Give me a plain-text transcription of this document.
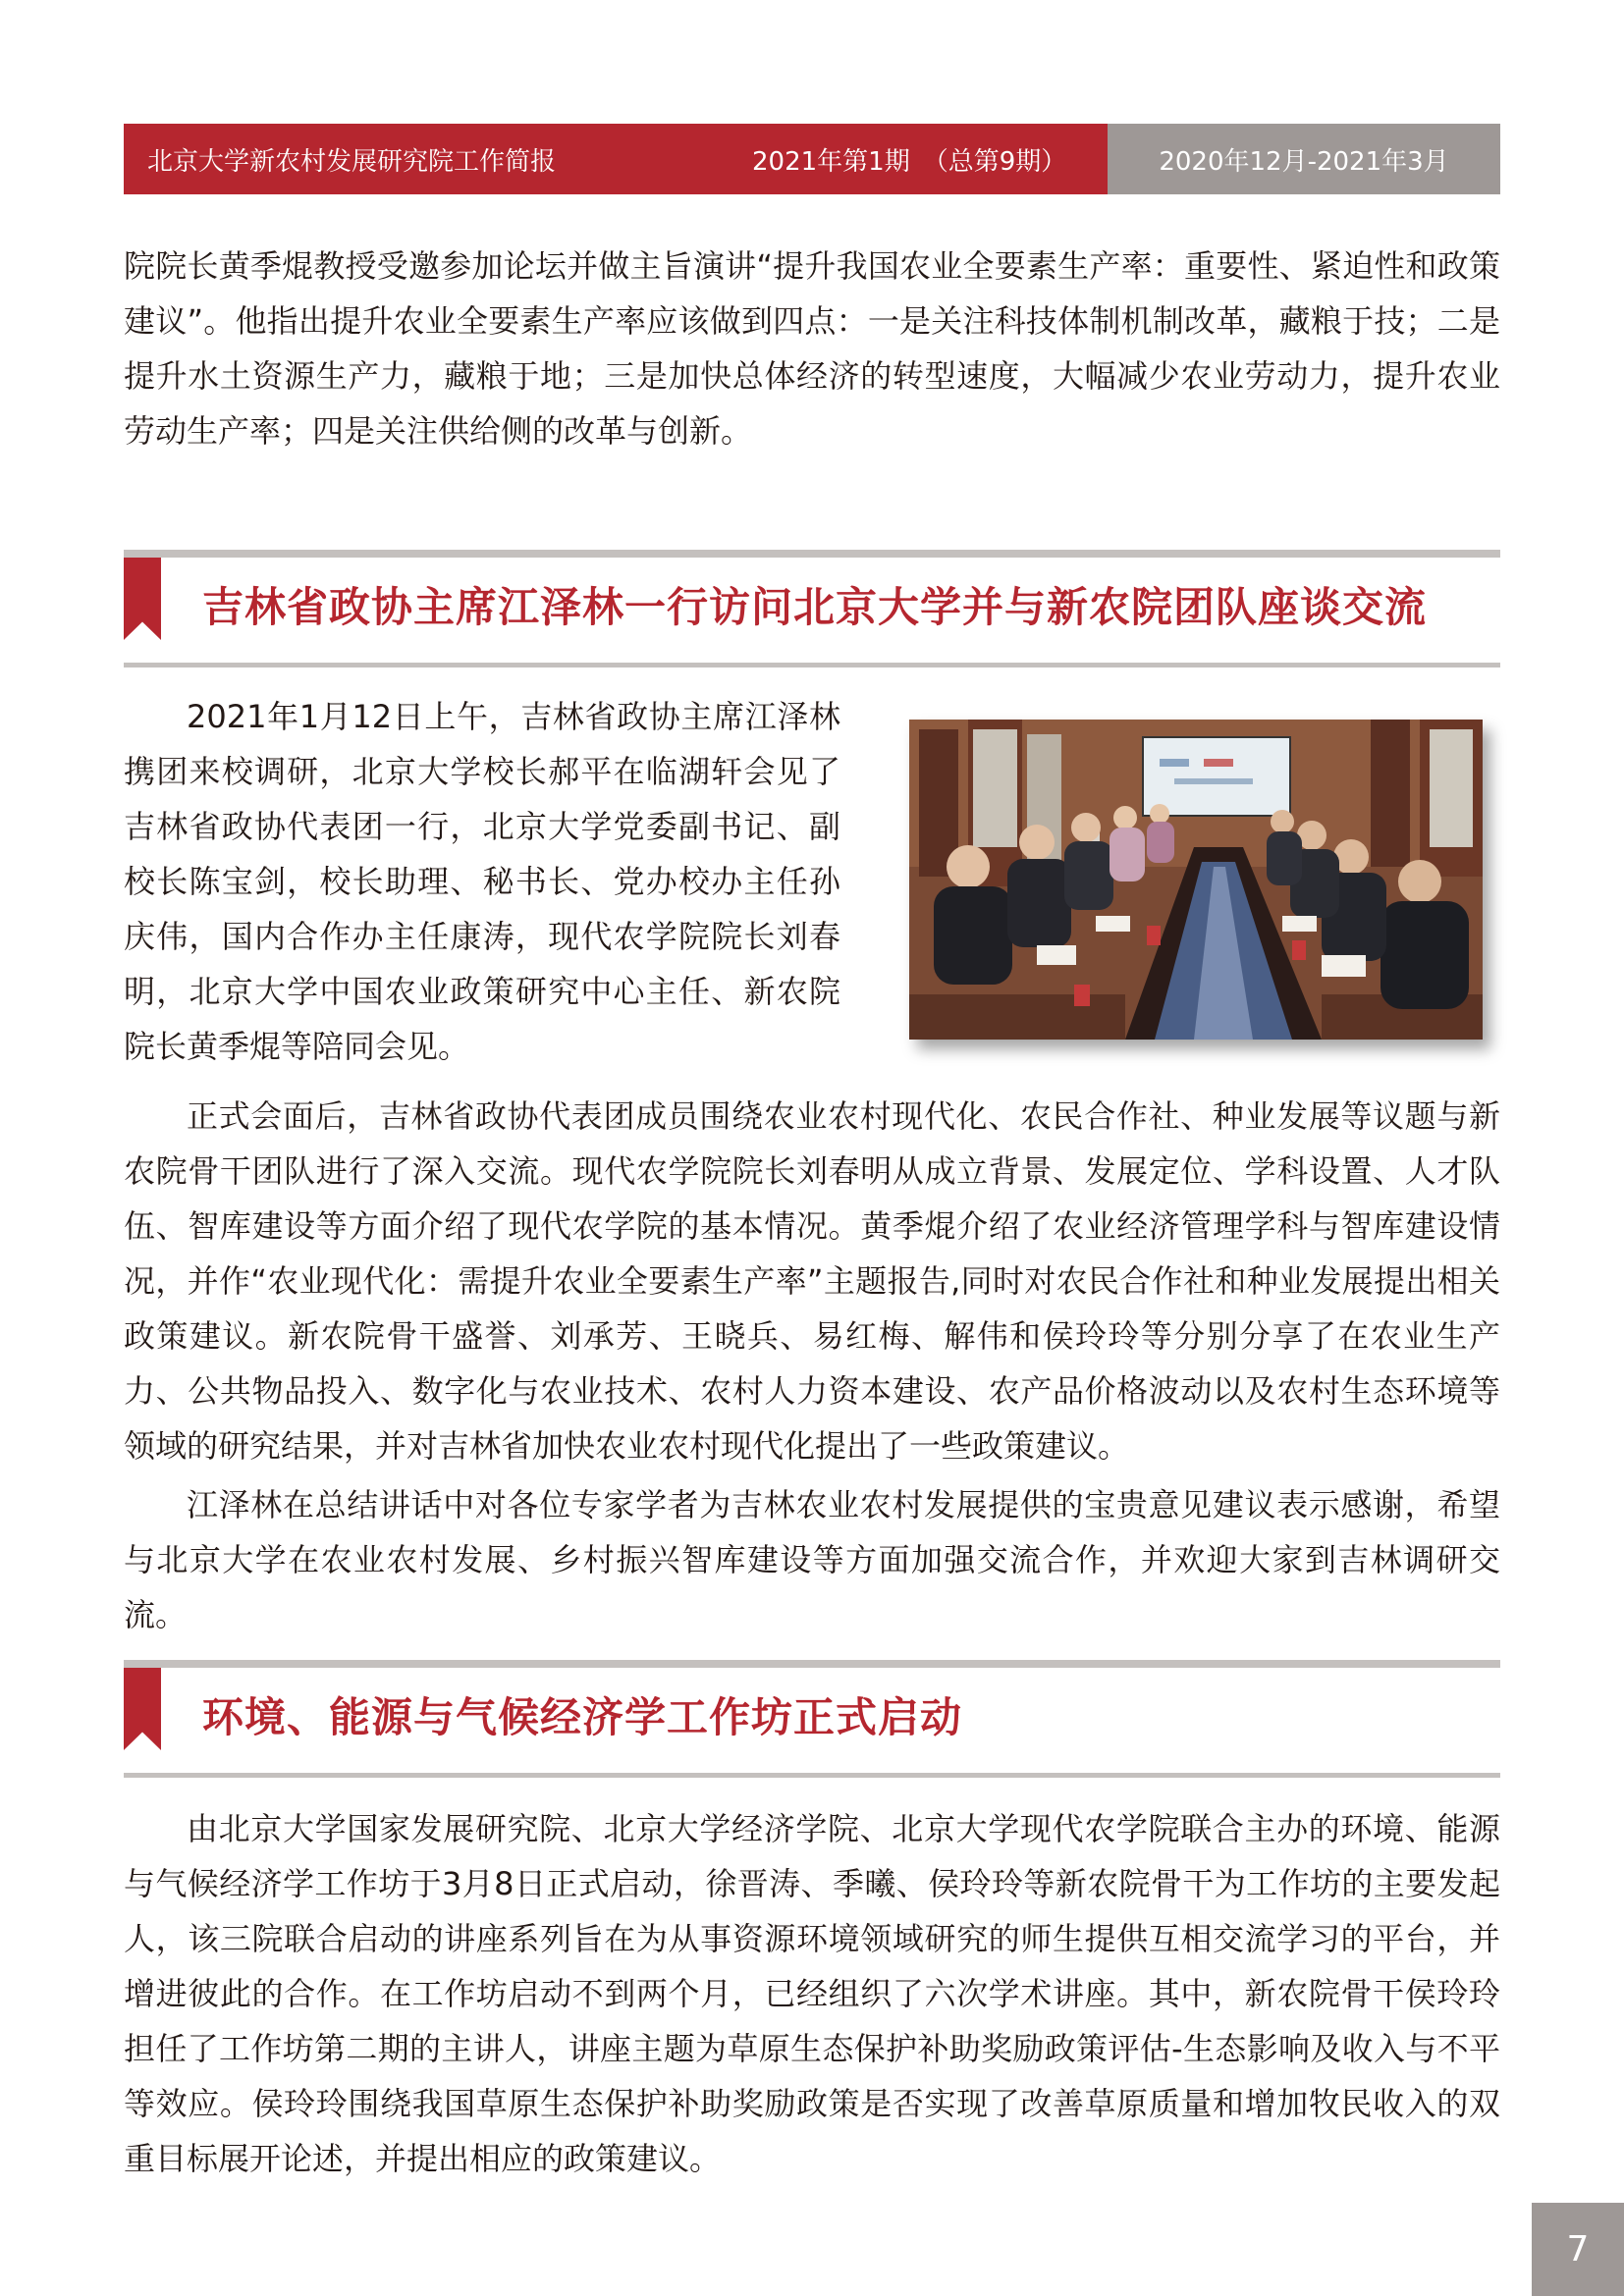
北京大学新农村发展研究院工作简报	2021年第1期　（总第9期）	2020年12月-2021年3月

院院长黄季焜教授受邀参加论坛并做主旨演讲“提升我国农业全要素生产率：重要性、紧迫性和政策建议”。他指出提升农业全要素生产率应该做到四点：一是关注科技体制机制改革，藏粮于技；二是提升水土资源生产力，藏粮于地；三是加快总体经济的转型速度，大幅减少农业劳动力，提升农业劳动生产率；四是关注供给侧的改革与创新。

吉林省政协主席江泽林一行访问北京大学并与新农院团队座谈交流

2021年1月12日上午，吉林省政协主席江泽林携团来校调研，北京大学校长郝平在临湖轩会见了吉林省政协代表团一行，北京大学党委副书记、副校长陈宝剑，校长助理、秘书长、党办校办主任孙庆伟，国内合作办主任康涛，现代农学院院长刘春明，北京大学中国农业政策研究中心主任、新农院院长黄季焜等陪同会见。

正式会面后，吉林省政协代表团成员围绕农业农村现代化、农民合作社、种业发展等议题与新农院骨干团队进行了深入交流。现代农学院院长刘春明从成立背景、发展定位、学科设置、人才队伍、智库建设等方面介绍了现代农学院的基本情况。黄季焜介绍了农业经济管理学科与智库建设情况，并作“农业现代化：需提升农业全要素生产率”主题报告,同时对农民合作社和种业发展提出相关政策建议。新农院骨干盛誉、刘承芳、王晓兵、易红梅、解伟和侯玲玲等分别分享了在农业生产力、公共物品投入、数字化与农业技术、农村人力资本建设、农产品价格波动以及农村生态环境等领域的研究结果，并对吉林省加快农业农村现代化提出了一些政策建议。

江泽林在总结讲话中对各位专家学者为吉林农业农村发展提供的宝贵意见建议表示感谢，希望与北京大学在农业农村发展、乡村振兴智库建设等方面加强交流合作，并欢迎大家到吉林调研交流。

环境、能源与气候经济学工作坊正式启动

由北京大学国家发展研究院、北京大学经济学院、北京大学现代农学院联合主办的环境、能源与气候经济学工作坊于3月8日正式启动，徐晋涛、季曦、侯玲玲等新农院骨干为工作坊的主要发起人，该三院联合启动的讲座系列旨在为从事资源环境领域研究的师生提供互相交流学习的平台，并增进彼此的合作。在工作坊启动不到两个月，已经组织了六次学术讲座。其中，新农院骨干侯玲玲担任了工作坊第二期的主讲人，讲座主题为草原生态保护补助奖励政策评估-生态影响及收入与不平等效应。侯玲玲围绕我国草原生态保护补助奖励政策是否实现了改善草原质量和增加牧民收入的双重目标展开论述，并提出相应的政策建议。

7
